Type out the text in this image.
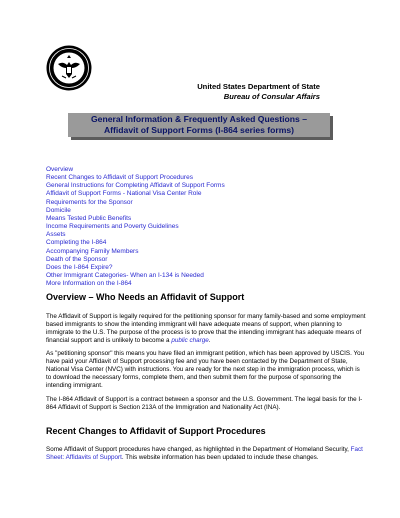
United States Department of State
Bureau of Consular Affairs
General Information & Frequently Asked Questions –
Affidavit of Support Forms (I-864 series forms)
Overview
Recent Changes to Affidavit of Support Procedures
General Instructions for Completing Affidavit of Support Forms
Affidavit of Support Forms - National Visa Center Role
Requirements for the Sponsor
Domicile
Means Tested Public Benefits
Income Requirements and Poverty Guidelines
Assets
Completing the I-864
Accompanying Family Members
Death of the Sponsor
Does the I-864 Expire?
Other Immigrant Categories- When an I-134 is Needed
More Information on the I-864
Overview – Who Needs an Affidavit of Support

The Affidavit of Support is legally required for the petitioning sponsor for many family-based and some employment based immigrants to show the intending immigrant will have adequate means of support, when planning to immigrate to the U.S. The purpose of the process is to prove that the intending immigrant has adequate means of financial support and is unlikely to become a public charge.

As "petitioning sponsor" this means you have filed an immigrant petition, which has been approved by USCIS. You have paid your Affidavit of Support processing fee and you have been contacted by the Department of State, National Visa Center (NVC) with instructions. You are ready for the next step in the immigration process, which is to download the necessary forms, complete them, and then submit them for the purpose of sponsoring the intending immigrant.

The I-864 Affidavit of Support is a contract between a sponsor and the U.S. Government. The legal basis for the I-864 Affidavit of Support is Section 213A of the Immigration and Nationality Act (INA).

Recent Changes to Affidavit of Support Procedures

Some Affidavit of Support procedures have changed, as highlighted in the Department of Homeland Security, Fact Sheet: Affidavits of Support. This website information has been updated to include these changes.
